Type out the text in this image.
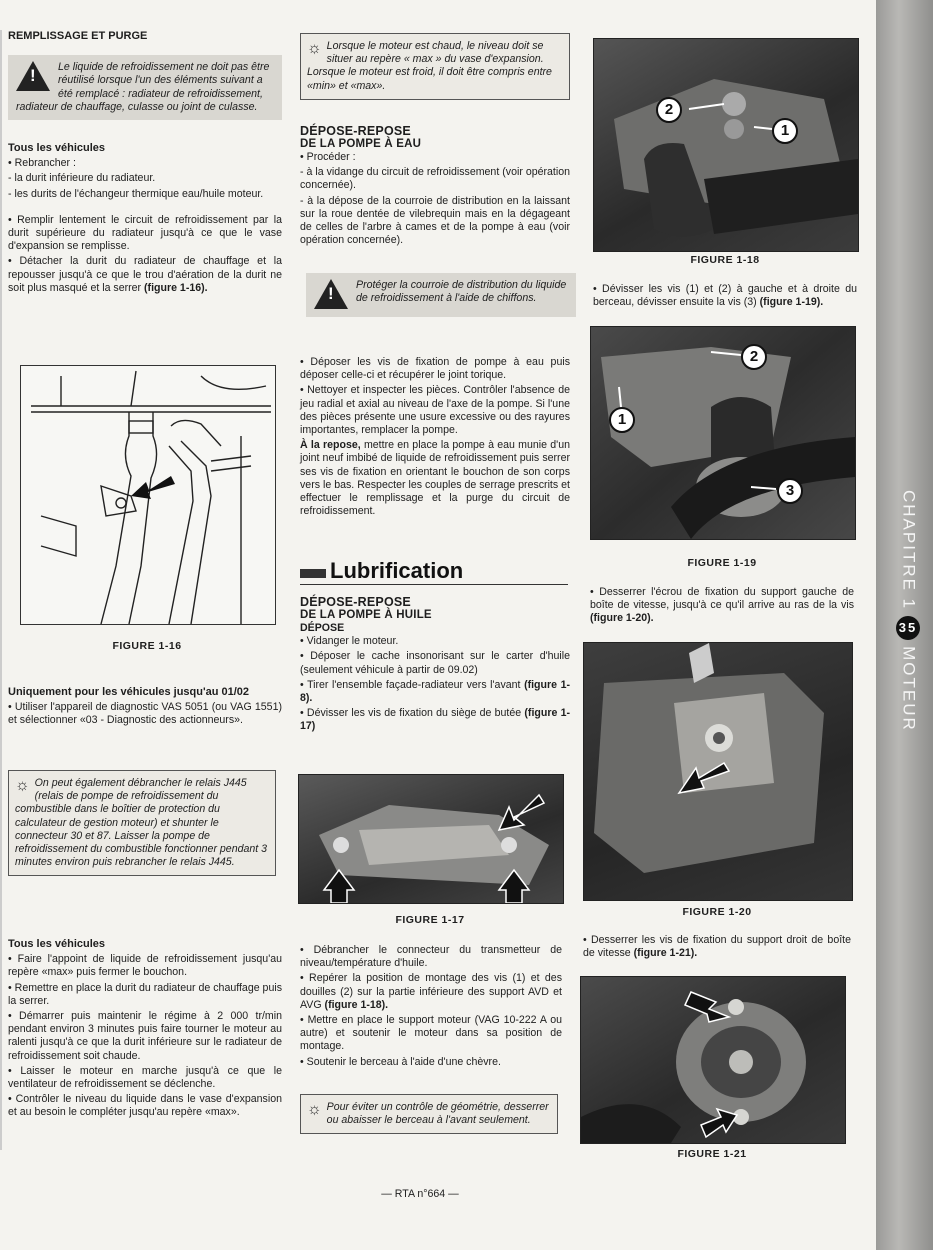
REMPLISSAGE ET PURGE
! Le liquide de refroidissement ne doit pas être réutilisé lorsque l'un des éléments suivant a été remplacé : radiateur de refroidissement, radiateur de chauffage, culasse ou joint de culasse.
Tous les véhicules
• Rebrancher :
- la durit inférieure du radiateur.
- les durits de l'échangeur thermique eau/huile moteur.
• Remplir lentement le circuit de refroidissement par la durit supérieure du radiateur jusqu'à ce que le vase d'expansion se remplisse.
• Détacher la durit du radiateur de chauffage et la repousser jusqu'à ce que le trou d'aération de la durit ne soit plus masqué et la serrer (figure 1-16).
FIGURE 1-16
Uniquement pour les véhicules jusqu'au 01/02
• Utiliser l'appareil de diagnostic VAS 5051 (ou VAG 1551) et sélectionner «03 - Diagnostic des actionneurs».
☼ On peut également débrancher le relais J445 (relais de pompe de refroidissement du combustible dans le boîtier de protection du calculateur de gestion moteur) et shunter le connecteur 30 et 87. Laisser la pompe de refroidissement du combustible fonctionner pendant 3 minutes environ puis rebrancher le relais J445.
Tous les véhicules
• Faire l'appoint de liquide de refroidissement jusqu'au repère «max» puis fermer le bouchon.
• Remettre en place la durit du radiateur de chauffage puis la serrer.
• Démarrer puis maintenir le régime à 2 000 tr/min pendant environ 3 minutes puis faire tourner le moteur au ralenti jusqu'à ce que la durit inférieure sur le radiateur de refroidissement soit chaude.
• Laisser le moteur en marche jusqu'à ce que le ventilateur de refroidissement se déclenche.
• Contrôler le niveau du liquide dans le vase d'expansion et au besoin le compléter jusqu'au repère «max».
☼ Lorsque le moteur est chaud, le niveau doit se situer au repère « max » du vase d'expansion. Lorsque le moteur est froid, il doit être compris entre «min» et «max».
DÉPOSE-REPOSE
DE LA POMPE À EAU
• Procéder :
- à la vidange du circuit de refroidissement (voir opération concernée).
- à la dépose de la courroie de distribution en la laissant sur la roue dentée de vilebrequin mais en la dégageant de celles de l'arbre à cames et de la pompe à eau (voir opération concernée).
! Protéger la courroie de distribution du liquide de refroidissement à l'aide de chiffons.
• Déposer les vis de fixation de pompe à eau puis déposer celle-ci et récupérer le joint torique.
• Nettoyer et inspecter les pièces. Contrôler l'absence de jeu radial et axial au niveau de l'axe de la pompe. Si l'une des pièces présente une usure excessive ou des rayures importantes, remplacer la pompe.
À la repose, mettre en place la pompe à eau munie d'un joint neuf imbibé de liquide de refroidissement puis serrer ses vis de fixation en orientant le bouchon de son corps vers le bas. Respecter les couples de serrage prescrits et effectuer le remplissage et la purge du circuit de refroidissement.
Lubrification
DÉPOSE-REPOSE
DE LA POMPE À HUILE
DÉPOSE
• Vidanger le moteur.
• Déposer le cache insonorisant sur le carter d'huile (seulement véhicule à partir de 09.02)
• Tirer l'ensemble façade-radiateur vers l'avant (figure 1-8).
• Dévisser les vis de fixation du siège de butée (figure 1-17)
FIGURE 1-17
• Débrancher le connecteur du transmetteur de niveau/température d'huile.
• Repérer la position de montage des vis (1) et des douilles (2) sur la partie inférieure des support AVD et AVG (figure 1-18).
• Mettre en place le support moteur (VAG 10-222 A ou autre) et soutenir le moteur dans sa position de montage.
• Soutenir le berceau à l'aide d'une chèvre.
☼ Pour éviter un contrôle de géométrie, desserrer ou abaisser le berceau à l'avant seulement.
2
1
FIGURE 1-18
• Dévisser les vis (1) et (2) à gauche et à droite du berceau, dévisser ensuite la vis (3) (figure 1-19).
2
1
3
FIGURE 1-19
• Desserrer l'écrou de fixation du support gauche de boîte de vitesse, jusqu'à ce qu'il arrive au ras de la vis (figure 1-20).
FIGURE 1-20
• Desserrer les vis de fixation du support droit de boîte de vitesse (figure 1-21).
FIGURE 1-21
— RTA n°664 —
CHAPITRE 135MOTEUR
